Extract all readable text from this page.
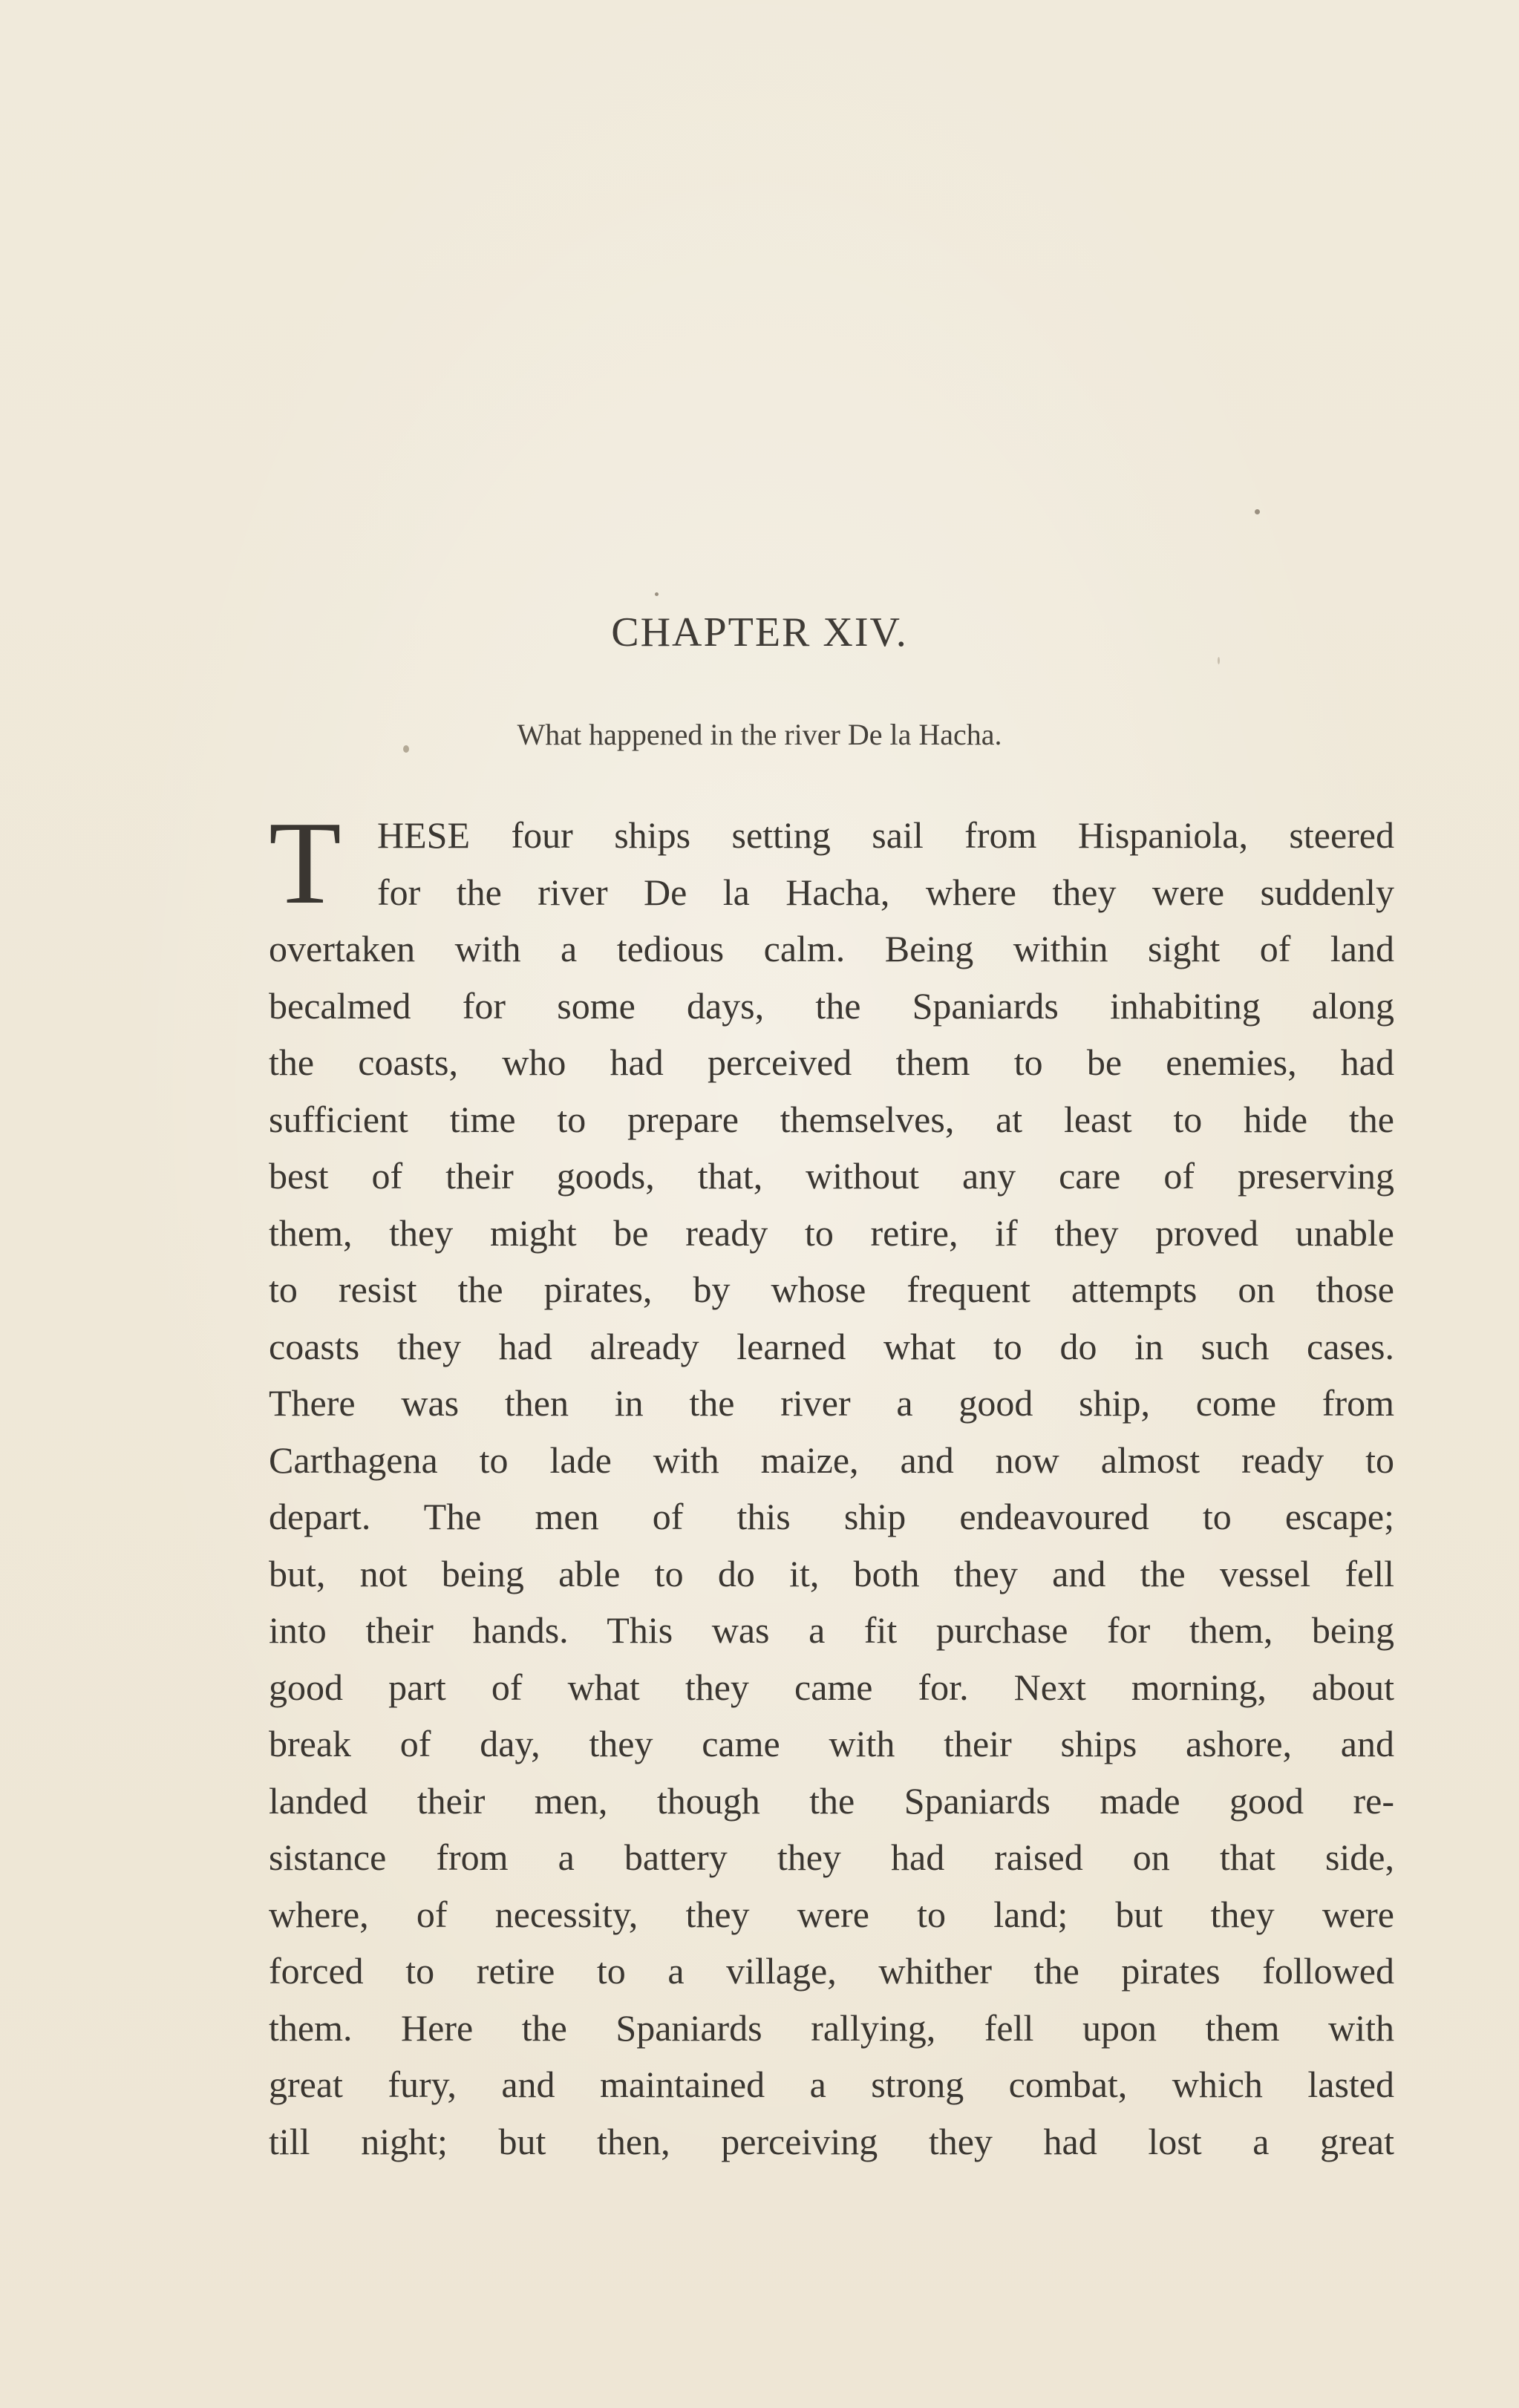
CHAPTER XIV.
What happened in the river De la Hacha.
T HESE four ships setting sail from Hispaniola, steered
for the river De la Hacha, where they were suddenly
overtaken with a tedious calm. Being within sight of land
becalmed for some days, the Spaniards inhabiting along
the coasts, who had perceived them to be enemies, had
sufficient time to prepare themselves, at least to hide the
best of their goods, that, without any care of preserving
them, they might be ready to retire, if they proved unable
to resist the pirates, by whose frequent attempts on those
coasts they had already learned what to do in such cases.
There was then in the river a good ship, come from
Carthagena to lade with maize, and now almost ready to
depart. The men of this ship endeavoured to escape;
but, not being able to do it, both they and the vessel fell
into their hands. This was a fit purchase for them, being
good part of what they came for. Next morning, about
break of day, they came with their ships ashore, and
landed their men, though the Spaniards made good re-
sistance from a battery they had raised on that side,
where, of necessity, they were to land; but they were
forced to retire to a village, whither the pirates followed
them. Here the Spaniards rallying, fell upon them with
great fury, and maintained a strong combat, which lasted
till night; but then, perceiving they had lost a great
